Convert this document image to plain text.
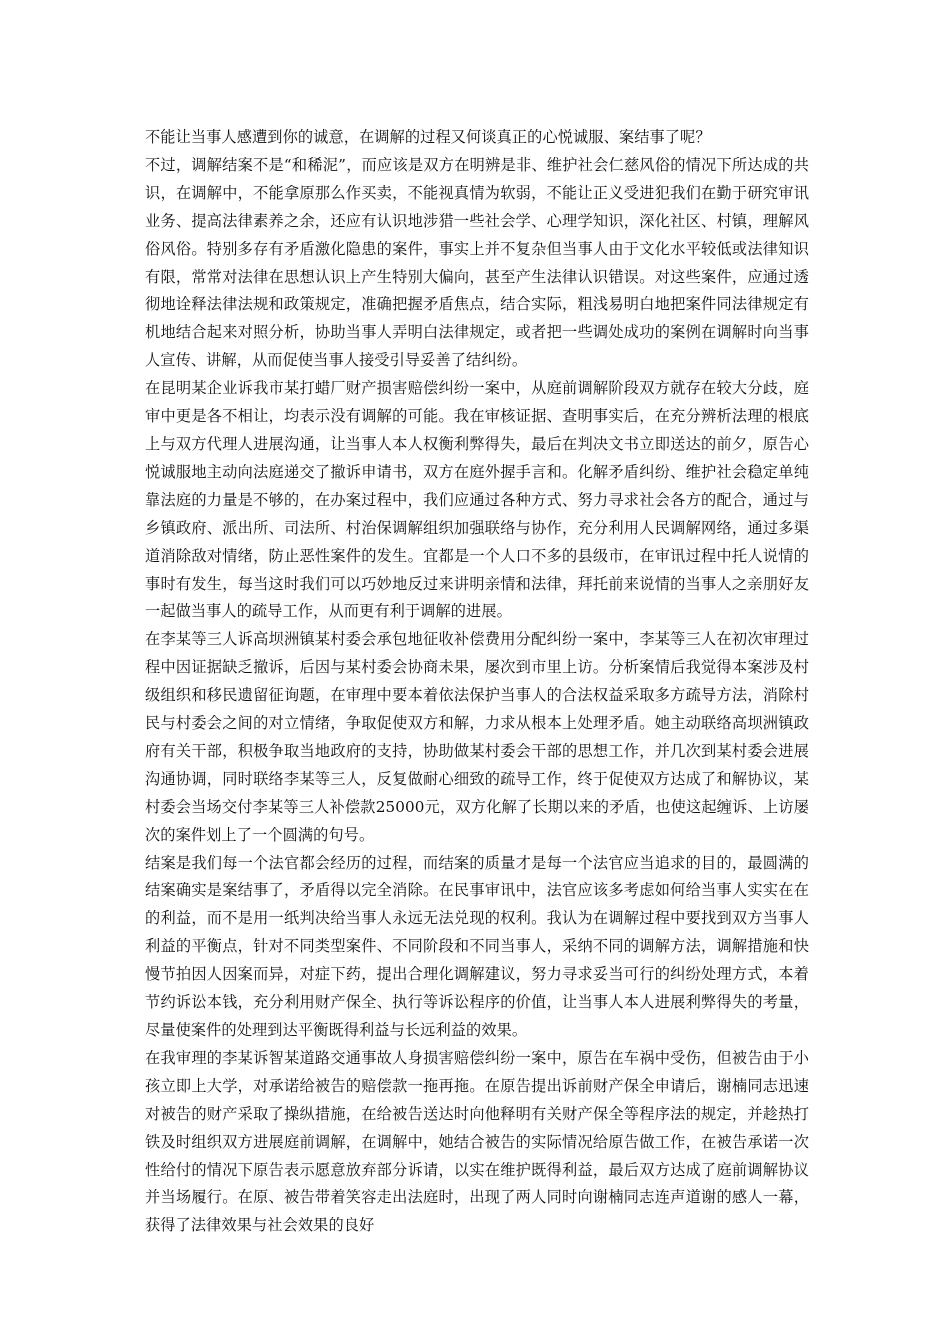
不能让当事人感遭到你的诚意，在调解的过程又何谈真正的心悦诚服、案结事了呢？

不过，调解结案不是“和稀泥”，而应该是双方在明辨是非、维护社会仁慈风俗的情况下所达成的共识，在调解中，不能拿原那么作买卖，不能视真情为软弱，不能让正义受进犯我们在勤于研究审讯业务、提高法律素养之余，还应有认识地涉猎一些社会学、心理学知识，深化社区、村镇，理解风俗风俗。特别多存有矛盾激化隐患的案件，事实上并不复杂但当事人由于文化水平较低或法律知识有限，常常对法律在思想认识上产生特别大偏向，甚至产生法律认识错误。对这些案件，应通过透彻地诠释法律法规和政策规定，准确把握矛盾焦点，结合实际，粗浅易明白地把案件同法律规定有机地结合起来对照分析，协助当事人弄明白法律规定，或者把一些调处成功的案例在调解时向当事人宣传、讲解，从而促使当事人接受引导妥善了结纠纷。

在昆明某企业诉我市某打蜡厂财产损害赔偿纠纷一案中，从庭前调解阶段双方就存在较大分歧，庭审中更是各不相让，均表示没有调解的可能。我在审核证据、查明事实后，在充分辨析法理的根底上与双方代理人进展沟通，让当事人本人权衡利弊得失，最后在判决文书立即送达的前夕，原告心悦诚服地主动向法庭递交了撤诉申请书，双方在庭外握手言和。化解矛盾纠纷、维护社会稳定单纯靠法庭的力量是不够的，在办案过程中，我们应通过各种方式、努力寻求社会各方的配合，通过与乡镇政府、派出所、司法所、村治保调解组织加强联络与协作，充分利用人民调解网络，通过多渠道消除敌对情绪，防止恶性案件的发生。宜都是一个人口不多的县级市，在审讯过程中托人说情的事时有发生，每当这时我们可以巧妙地反过来讲明亲情和法律，拜托前来说情的当事人之亲朋好友一起做当事人的疏导工作，从而更有利于调解的进展。

在李某等三人诉高坝洲镇某村委会承包地征收补偿费用分配纠纷一案中，李某等三人在初次审理过程中因证据缺乏撤诉，后因与某村委会协商未果，屡次到市里上访。分析案情后我觉得本案涉及村级组织和移民遗留征询题，在审理中要本着依法保护当事人的合法权益采取多方疏导方法，消除村民与村委会之间的对立情绪，争取促使双方和解，力求从根本上处理矛盾。她主动联络高坝洲镇政府有关干部，积极争取当地政府的支持，协助做某村委会干部的思想工作，并几次到某村委会进展沟通协调，同时联络李某等三人，反复做耐心细致的疏导工作，终于促使双方达成了和解协议，某村委会当场交付李某等三人补偿款25000元，双方化解了长期以来的矛盾，也使这起缠诉、上访屡次的案件划上了一个圆满的句号。

结案是我们每一个法官都会经历的过程，而结案的质量才是每一个法官应当追求的目的，最圆满的结案确实是案结事了，矛盾得以完全消除。在民事审讯中，法官应该多考虑如何给当事人实实在在的利益，而不是用一纸判决给当事人永远无法兑现的权利。我认为在调解过程中要找到双方当事人利益的平衡点，针对不同类型案件、不同阶段和不同当事人，采纳不同的调解方法，调解措施和快慢节拍因人因案而异，对症下药，提出合理化调解建议，努力寻求妥当可行的纠纷处理方式，本着节约诉讼本钱，充分利用财产保全、执行等诉讼程序的价值，让当事人本人进展利弊得失的考量，尽量使案件的处理到达平衡既得利益与长远利益的效果。

在我审理的李某诉智某道路交通事故人身损害赔偿纠纷一案中，原告在车祸中受伤，但被告由于小孩立即上大学，对承诺给被告的赔偿款一拖再拖。在原告提出诉前财产保全申请后，谢楠同志迅速对被告的财产采取了操纵措施，在给被告送达时向他释明有关财产保全等程序法的规定，并趁热打铁及时组织双方进展庭前调解，在调解中，她结合被告的实际情况给原告做工作，在被告承诺一次性给付的情况下原告表示愿意放弃部分诉请，以实在维护既得利益，最后双方达成了庭前调解协议并当场履行。在原、被告带着笑容走出法庭时，出现了两人同时向谢楠同志连声道谢的感人一幕，获得了法律效果与社会效果的良好
